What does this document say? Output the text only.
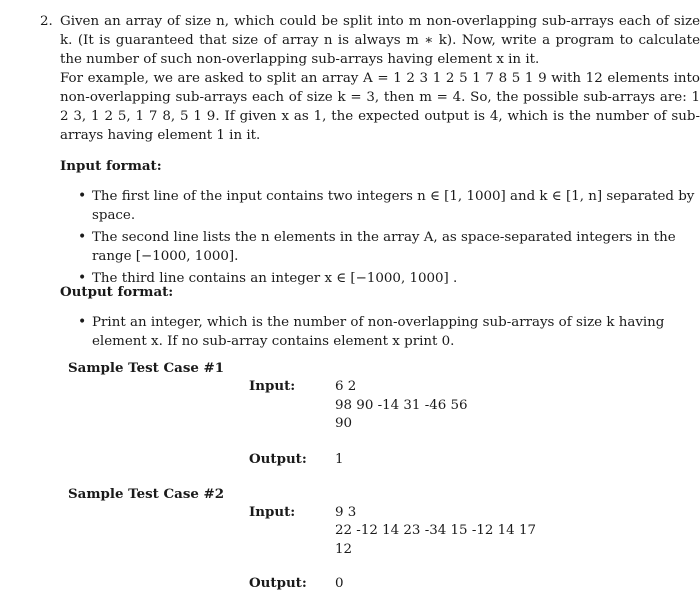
2. Given an array of size n, which could be split into m non-overlapping sub-arrays each of size k. (It is guaranteed that size of array n is always m ∗ k). Now, write a program to calculate the number of such non-overlapping sub-arrays having element x in it.
For example, we are asked to split an array A = 1 2 3 1 2 5 1 7 8 5 1 9 with 12 elements into non-overlapping sub-arrays each of size k = 3, then m = 4. So, the possible sub-arrays are: 1 2 3, 1 2 5, 1 7 8, 5 1 9. If given x as 1, the expected output is 4, which is the number of sub-arrays having element 1 in it.
Input format:
• The first line of the input contains two integers n ∈ [1, 1000] and k ∈ [1, n] separated by space.
• The second line lists the n elements in the array A, as space-separated integers in the range [−1000, 1000].
• The third line contains an integer x ∈ [−1000, 1000] .
Output format:
• Print an integer, which is the number of non-overlapping sub-arrays of size k having element x. If no sub-array contains element x print 0.
Sample Test Case #1
Input:	6 2
98 90 -14 31 -46 56
90
Output: 1
Sample Test Case #2
Input:	9 3
22 -12 14 23 -34 15 -12 14 17
12
Output: 0
